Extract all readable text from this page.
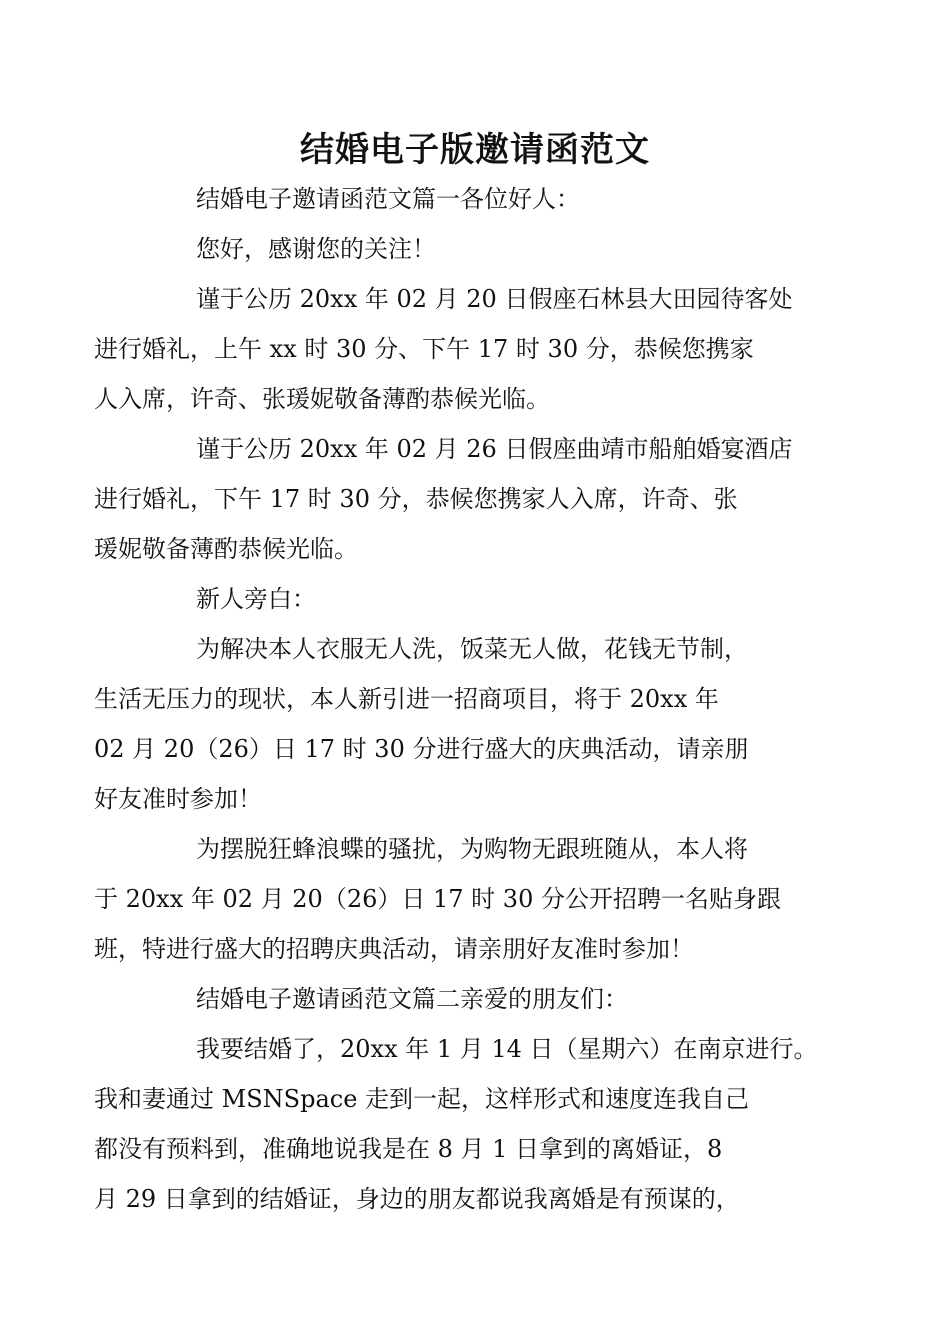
结婚电子版邀请函范文

结婚电子邀请函范文篇一各位好人：

您好，感谢您的关注！

谨于公历 20xx 年 02 月 20 日假座石林县大田园待客处
进行婚礼，上午 xx 时 30 分、下午 17 时 30 分，恭候您携家
人入席，许奇、张瑗妮敬备薄酌恭候光临。

谨于公历 20xx 年 02 月 26 日假座曲靖市船舶婚宴酒店
进行婚礼，下午 17 时 30 分，恭候您携家人入席，许奇、张
瑗妮敬备薄酌恭候光临。

新人旁白：

为解决本人衣服无人洗，饭菜无人做，花钱无节制，
生活无压力的现状，本人新引进一招商项目，将于 20xx 年
02 月 20（26）日 17 时 30 分进行盛大的庆典活动，请亲朋
好友准时参加！

为摆脱狂蜂浪蝶的骚扰，为购物无跟班随从，本人将
于 20xx 年 02 月 20（26）日 17 时 30 分公开招聘一名贴身跟
班，特进行盛大的招聘庆典活动，请亲朋好友准时参加！

结婚电子邀请函范文篇二亲爱的朋友们：

我要结婚了，20xx 年 1 月 14 日（星期六）在南京进行。
我和妻通过 MSNSpace 走到一起，这样形式和速度连我自己
都没有预料到，准确地说我是在 8 月 1 日拿到的离婚证，8
月 29 日拿到的结婚证，身边的朋友都说我离婚是有预谋的，
